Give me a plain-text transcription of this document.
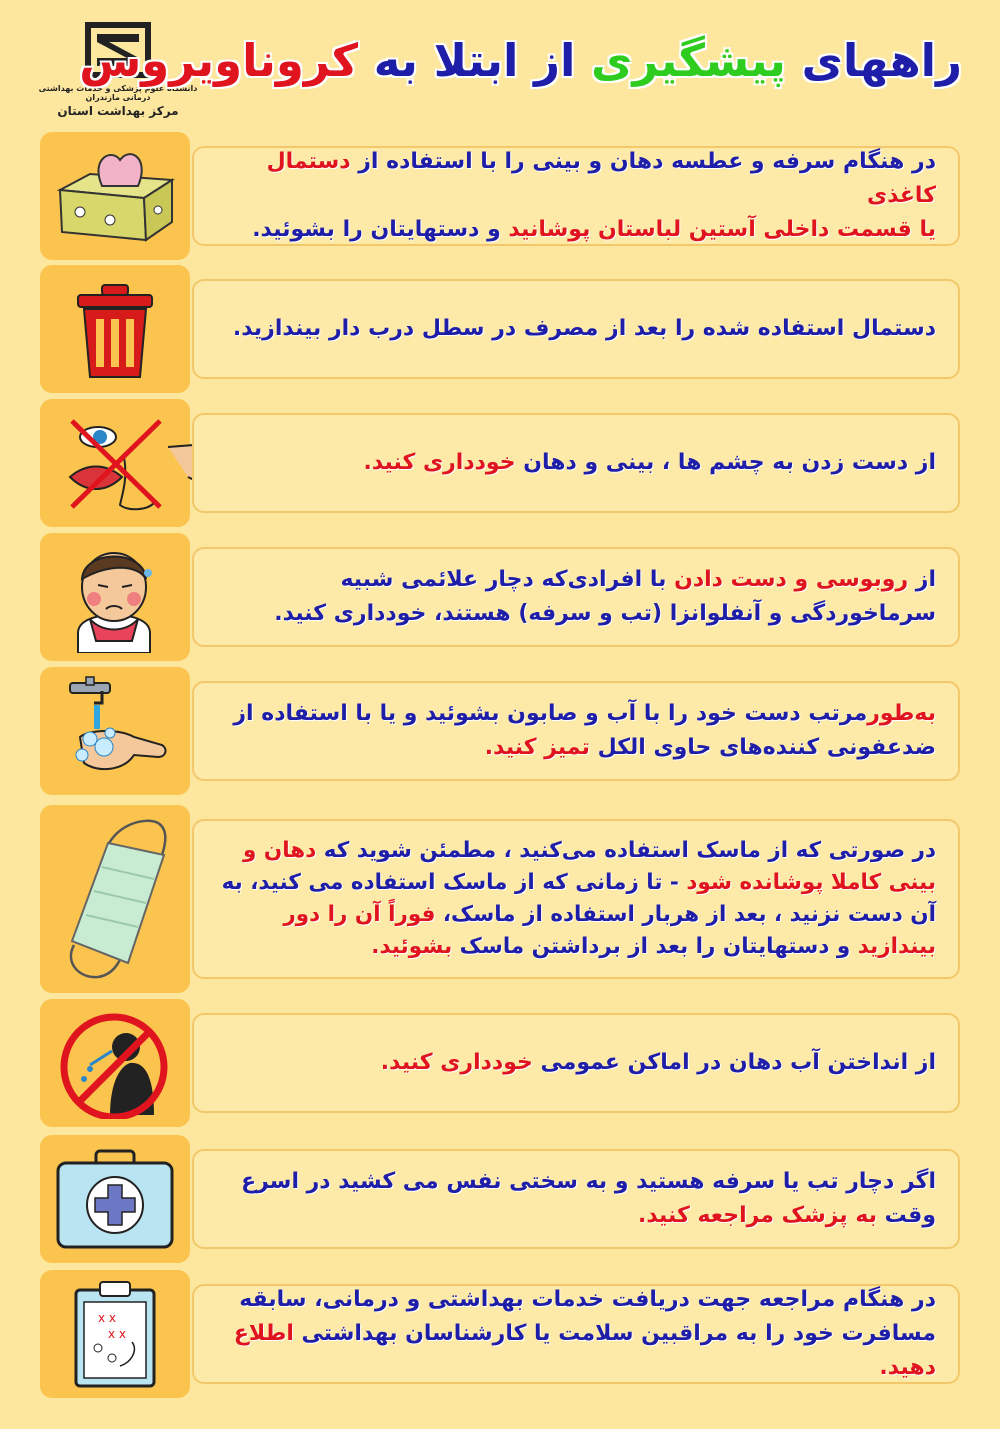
دانشگاه علوم پزشکی و خدمات بهداشتی درمانی مازندران
مرکز بهداشت استان
راههای پیشگیری از ابتلا به کروناویروس
در هنگام سرفه و عطسه دهان و بینی را با استفاده از دستمال کاغذی
یا قسمت داخلی آستین لباستان پوشانید و دستهایتان را بشوئید.
دستمال استفاده شده را بعد از مصرف در سطل درب دار بیندازید.
از دست زدن به چشم ها ، بینی و دهان خودداری کنید.
از روبوسی و دست دادن با افرادی‌که دچار علائمی شبیه سرماخوردگی و آنفلوانزا (تب و سرفه) هستند، خودداری کنید.
به‌طورمرتب دست خود را با آب و صابون بشوئید و یا با استفاده از ضدعفونی کننده‌های حاوی الکل تمیز کنید.
در صورتی که از ماسک استفاده می‌کنید ، مطمئن شوید که دهان و بینی کاملا پوشانده شود - تا زمانی که از ماسک استفاده می کنید، به آن دست نزنید ، بعد از هربار استفاده از ماسک، فوراً آن را دور بیندازید و دستهایتان را بعد از برداشتن ماسک بشوئید.
از انداختن آب دهان در اماکن عمومی خودداری کنید.
اگر دچار تب یا سرفه هستید و به سختی نفس می کشید در اسرع وقت به پزشک مراجعه کنید.
x x
x x
در هنگام مراجعه جهت دریافت خدمات بهداشتی و درمانی، سابقه مسافرت خود را به مراقبین سلامت یا کارشناسان بهداشتی اطلاع دهید.
